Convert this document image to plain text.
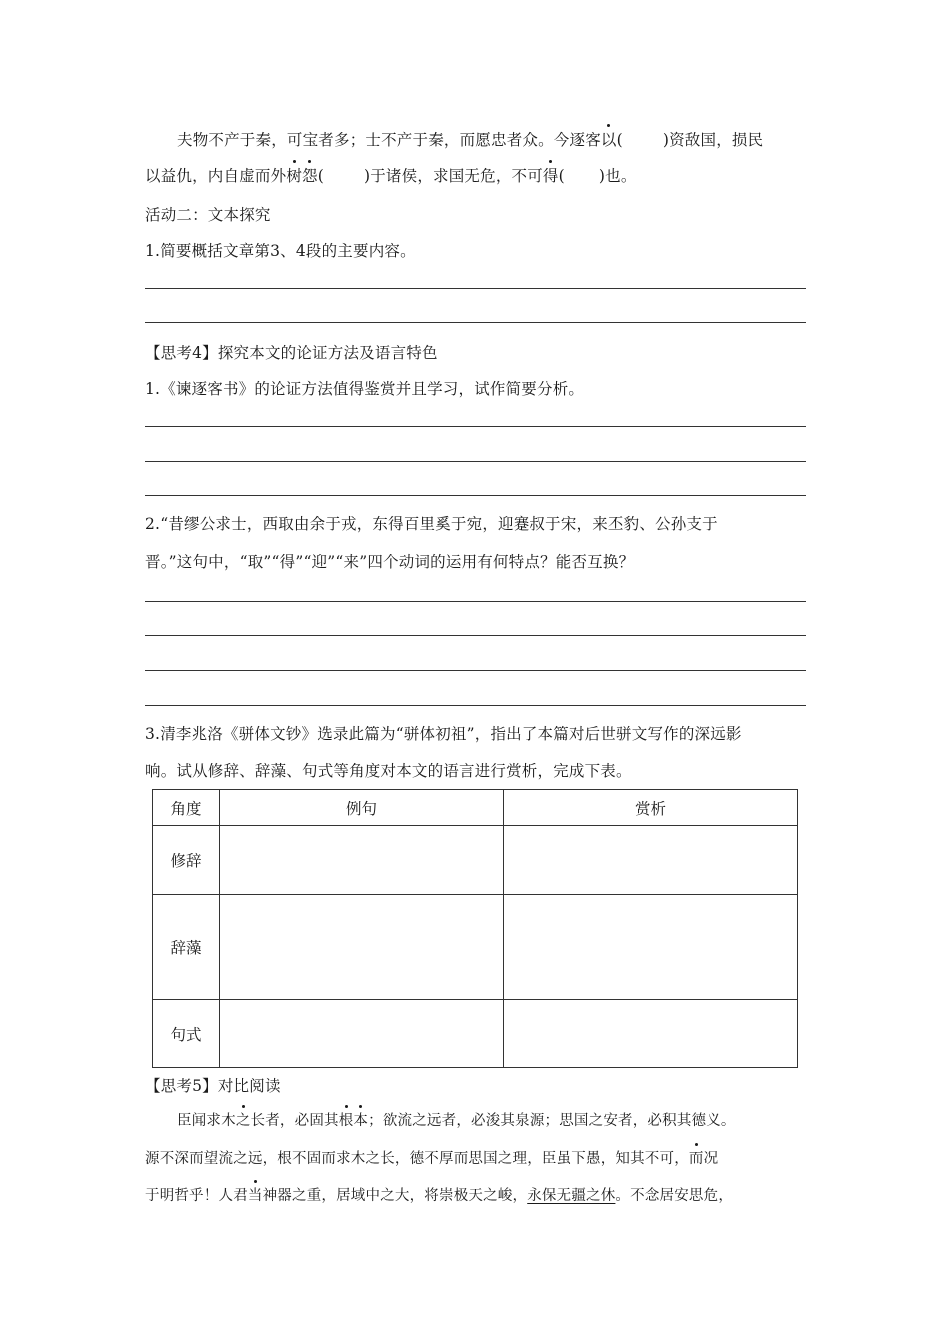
夫物不产于秦，可宝者多；士不产于秦，而愿忠者众。今逐客以(	)资敌国，损民
以益仇，内自虚而外树怨(	)于诸侯，求国无危，不可得( )也。
活动二：文本探究
1.简要概括文章第3、4段的主要内容。
【思考4】探究本文的论证方法及语言特色
1.《谏逐客书》的论证方法值得鉴赏并且学习，试作简要分析。
2.“昔缪公求士，西取由余于戎，东得百里奚于宛，迎蹇叔于宋，来丕豹、公孙支于
晋。”这句中，“取”“得”“迎”“来”四个动词的运用有何特点？能否互换？
3.清李兆洛《骈体文钞》选录此篇为“骈体初祖”，指出了本篇对后世骈文写作的深远影
响。试从修辞、辞藻、句式等角度对本文的语言进行赏析，完成下表。
角度	例句	赏析
修辞		
辞藻		
句式		
【思考5】对比阅读
臣闻求木之长者，必固其根本；欲流之远者，必浚其泉源；思国之安者，必积其德义。
源不深而望流之远，根不固而求木之长，德不厚而思国之理，臣虽下愚，知其不可，而况
于明哲乎！人君当神器之重，居域中之大，将崇极天之峻，永保无疆之休。不念居安思危，
